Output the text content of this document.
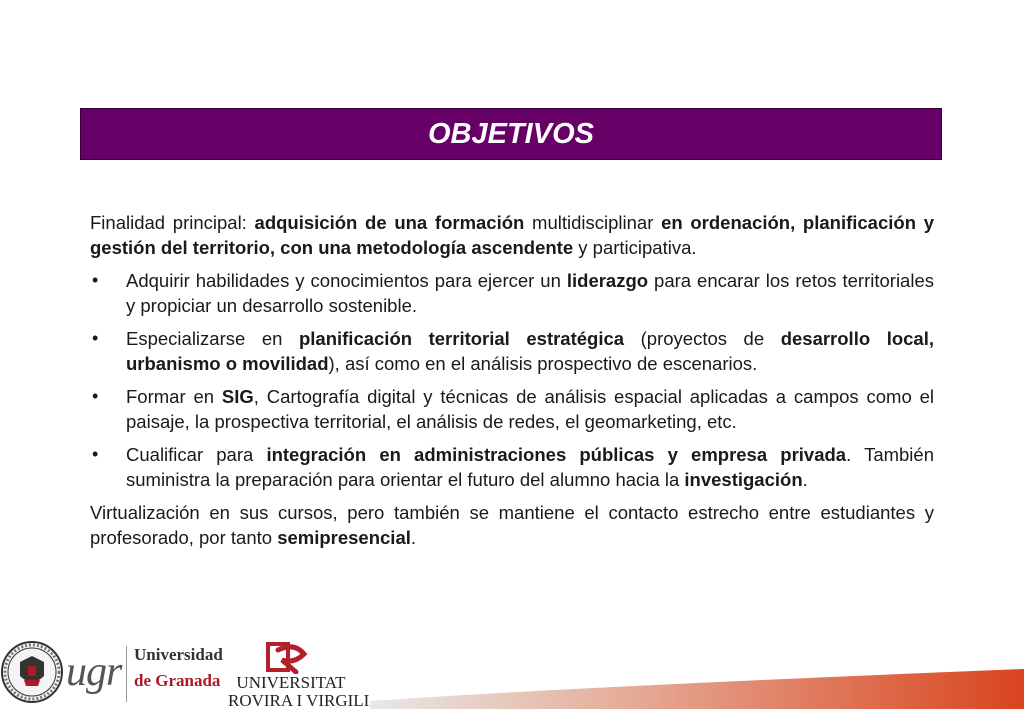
OBJETIVOS

Finalidad principal: adquisición de una formación multidisciplinar en ordenación, planificación y gestión del territorio, con una metodología ascendente y participativa.

• Adquirir habilidades y conocimientos para ejercer un liderazgo para encarar los retos territoriales y propiciar un desarrollo sostenible.
• Especializarse en planificación territorial estratégica (proyectos de desarrollo local, urbanismo o movilidad), así como en el análisis prospectivo de escenarios.
• Formar en SIG, Cartografía digital y técnicas de análisis espacial aplicadas a campos como el paisaje, la prospectiva territorial, el análisis de redes, el geomarketing, etc.
• Cualificar para integración en administraciones públicas y empresa privada. También suministra la preparación para orientar el futuro del alumno hacia la investigación.

Virtualización en sus cursos, pero también se mantiene el contacto estrecho entre estudiantes y profesorado, por tanto semipresencial.

ugr Universidad
de Granada UNIVERSITAT
ROVIRA I VIRGILI
